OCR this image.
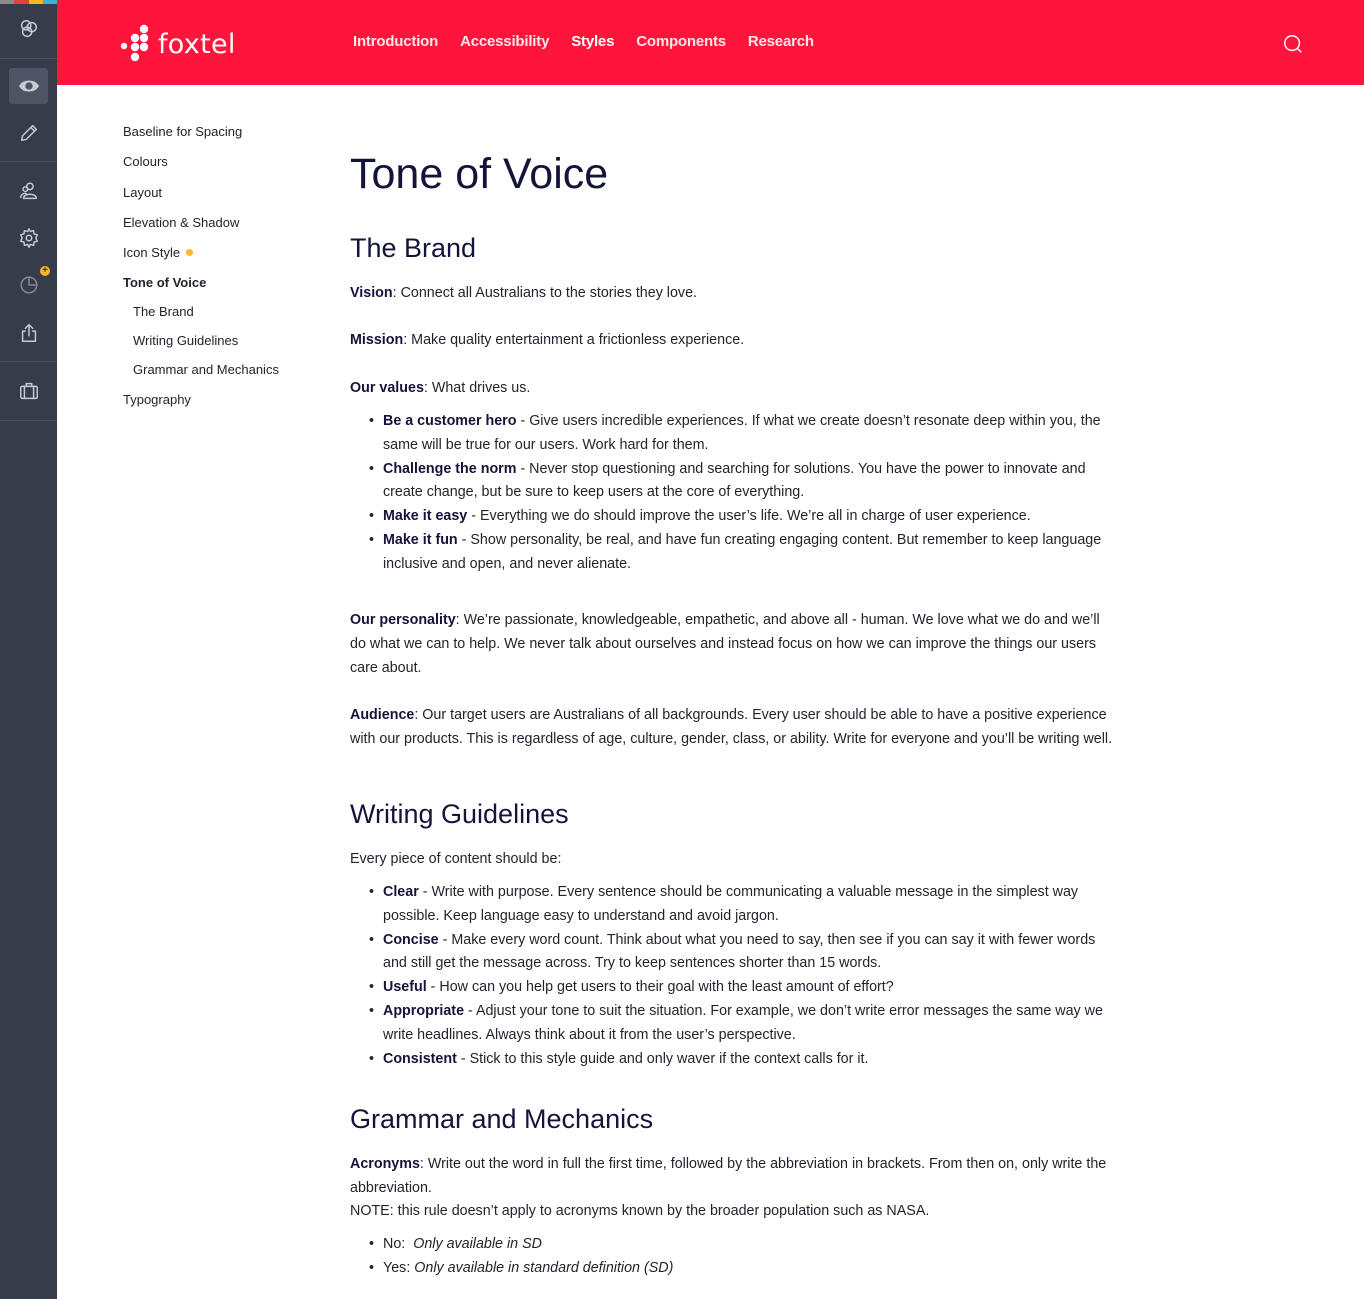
+
foxtel	Introduction Accessibility Styles Components Research
Baseline for Spacing
Colours
Layout
Elevation & Shadow
Icon Style
Tone of Voice
The Brand
Writing Guidelines
Grammar and Mechanics
Typography
Tone of Voice
The Brand

Vision: Connect all Australians to the stories they love.

Mission: Make quality entertainment a frictionless experience.

Our values: What drives us.

• Be a customer hero - Give users incredible experiences. If what we create doesn’t resonate deep within you, the same will be true for our users. Work hard for them.
• Challenge the norm - Never stop questioning and searching for solutions. You have the power to innovate and create change, but be sure to keep users at the core of everything.
• Make it easy - Everything we do should improve the user’s life. We’re all in charge of user experience.
• Make it fun - Show personality, be real, and have fun creating engaging content. But remember to keep language inclusive and open, and never alienate.

Our personality: We’re passionate, knowledgeable, empathetic, and above all - human. We love what we do and we’ll do what we can to help. We never talk about ourselves and instead focus on how we can improve the things our users care about.

Audience: Our target users are Australians of all backgrounds. Every user should be able to have a positive experience with our products. This is regardless of age, culture, gender, class, or ability. Write for everyone and you’ll be writing well.

Writing Guidelines

Every piece of content should be:

• Clear - Write with purpose. Every sentence should be communicating a valuable message in the simplest way possible. Keep language easy to understand and avoid jargon.
• Concise - Make every word count. Think about what you need to say, then see if you can say it with fewer words and still get the message across. Try to keep sentences shorter than 15 words.
• Useful - How can you help get users to their goal with the least amount of effort?
• Appropriate - Adjust your tone to suit the situation. For example, we don’t write error messages the same way we write headlines. Always think about it from the user’s perspective.
• Consistent - Stick to this style guide and only waver if the context calls for it.
Grammar and Mechanics

Acronyms: Write out the word in full the first time, followed by the abbreviation in brackets. From then on, only write the abbreviation.

NOTE: this rule doesn’t apply to acronyms known by the broader population such as NASA.

• No: Only available in SD
• Yes: Only available in standard definition (SD)
